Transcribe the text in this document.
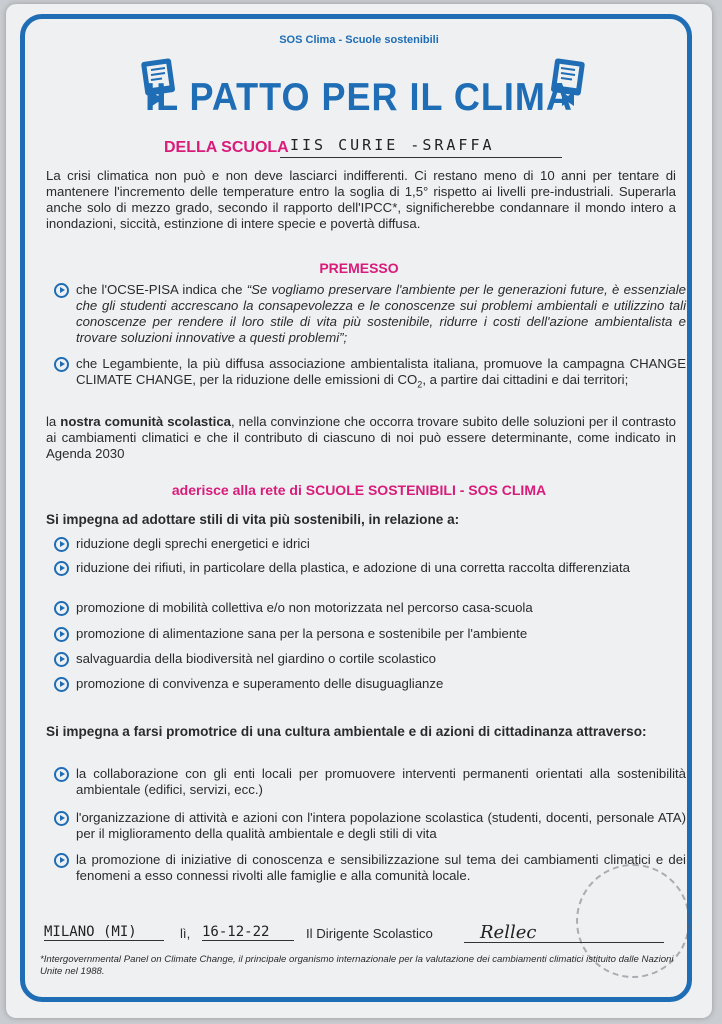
SOS Clima - Scuole sostenibili
IL PATTO PER IL CLIMA
DELLA SCUOLA IIS CURIE -SRAFFA
La crisi climatica non può e non deve lasciarci indifferenti. Ci restano meno di 10 anni per tentare di mantenere l'incremento delle temperature entro la soglia di 1,5° rispetto ai livelli pre-industriali. Superarla anche solo di mezzo grado, secondo il rapporto dell'IPCC*, significherebbe condannare il mondo intero a inondazioni, siccità, estinzione di intere specie e povertà diffusa.
PREMESSO
che l'OCSE-PISA indica che “Se vogliamo preservare l'ambiente per le generazioni future, è essenziale che gli studenti accrescano la consapevolezza e le conoscenze sui problemi ambientali e utilizzino tali conoscenze per rendere il loro stile di vita più sostenibile, ridurre i costi dell'azione ambientalista e trovare soluzioni innovative a questi problemi”;
che Legambiente, la più diffusa associazione ambientalista italiana, promuove la campagna CHANGE CLIMATE CHANGE, per la riduzione delle emissioni di $CO_2$, a partire dai cittadini e dai territori;
la nostra comunità scolastica, nella convinzione che occorra trovare subito delle soluzioni per il contrasto ai cambiamenti climatici e che il contributo di ciascuno di noi può essere determinante, come indicato in Agenda 2030
aderisce alla rete di SCUOLE SOSTENIBILI - SOS CLIMA
Si impegna ad adottare stili di vita più sostenibili, in relazione a:
riduzione degli sprechi energetici e idrici
riduzione dei rifiuti, in particolare della plastica, e adozione di una corretta raccolta differenziata
promozione di mobilità collettiva e/o non motorizzata nel percorso casa-scuola
promozione di alimentazione sana per la persona e sostenibile per l'ambiente
salvaguardia della biodiversità nel giardino o cortile scolastico
promozione di convivenza e superamento delle disuguaglianze
Si impegna a farsi promotrice di una cultura ambientale e di azioni di cittadinanza attraverso:
la collaborazione con gli enti locali per promuovere interventi permanenti orientati alla sostenibilità ambientale (edifici, servizi, ecc.)
l'organizzazione di attività e azioni con l'intera popolazione scolastica (studenti, docenti, personale ATA) per il miglioramento della qualità ambientale e degli stili di vita
la promozione di iniziative di conoscenza e sensibilizzazione sul tema dei cambiamenti climatici e dei fenomeni a esso connessi rivolti alle famiglie e alla comunità locale.
MILANO (MI)	lì, 16-12-22	Il Dirigente Scolastico	Rellec
*Intergovernmental Panel on Climate Change, il principale organismo internazionale per la valutazione dei cambiamenti climatici istituito dalle Nazioni Unite nel 1988.
